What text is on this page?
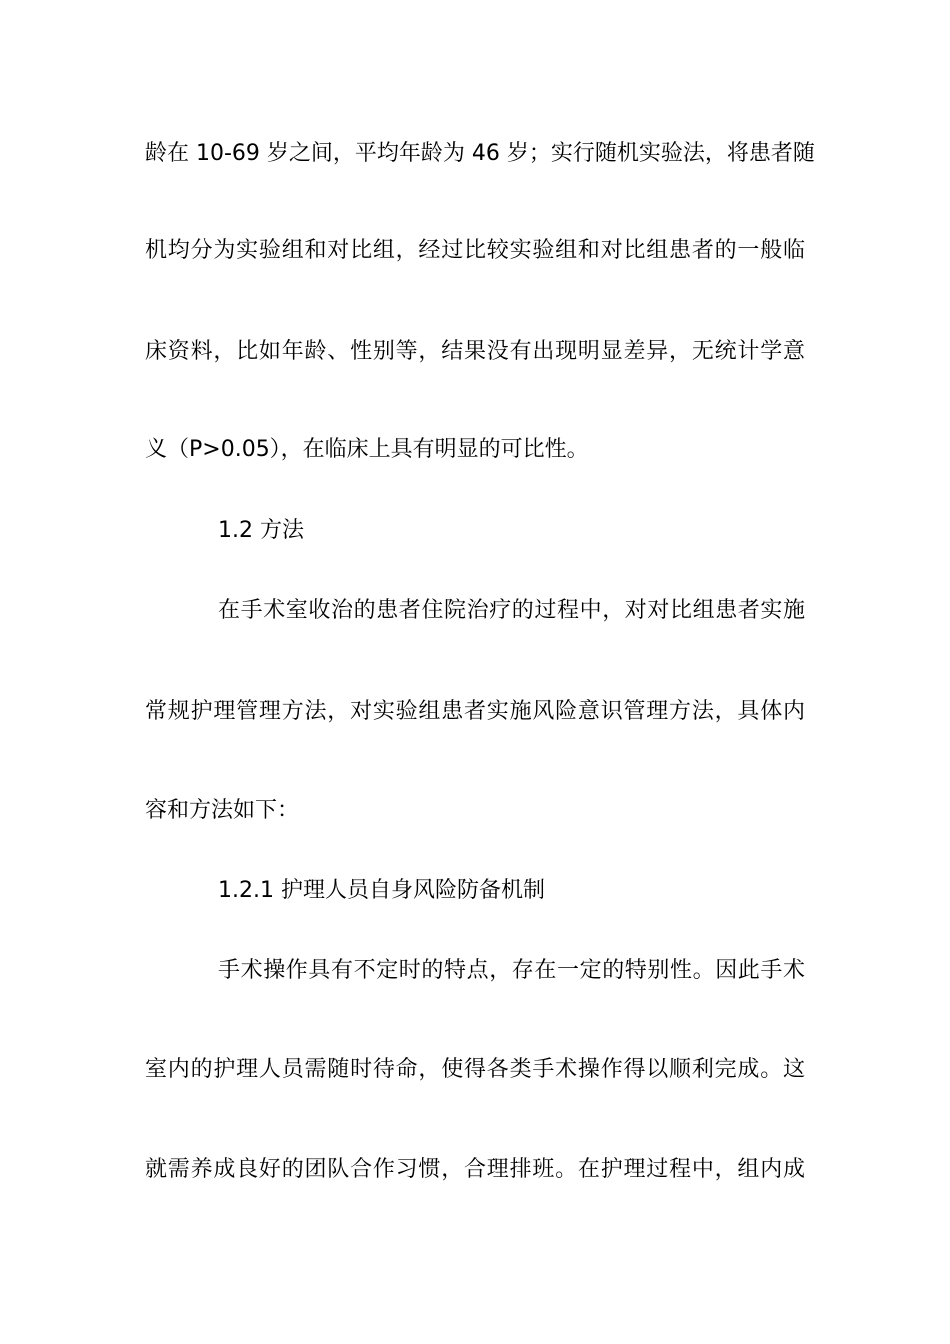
龄在 10-69 岁之间，平均年龄为 46 岁；实行随机实验法，将患者随
机均分为实验组和对比组，经过比较实验组和对比组患者的一般临
床资料，比如年龄、性别等，结果没有出现明显差异，无统计学意
义（P>0.05），在临床上具有明显的可比性。
1.2 方法
在手术室收治的患者住院治疗的过程中，对对比组患者实施
常规护理管理方法，对实验组患者实施风险意识管理方法，具体内
容和方法如下：
1.2.1 护理人员自身风险防备机制
手术操作具有不定时的特点，存在一定的特别性。因此手术
室内的护理人员需随时待命，使得各类手术操作得以顺利完成。这
就需养成良好的团队合作习惯，合理排班。在护理过程中，组内成
